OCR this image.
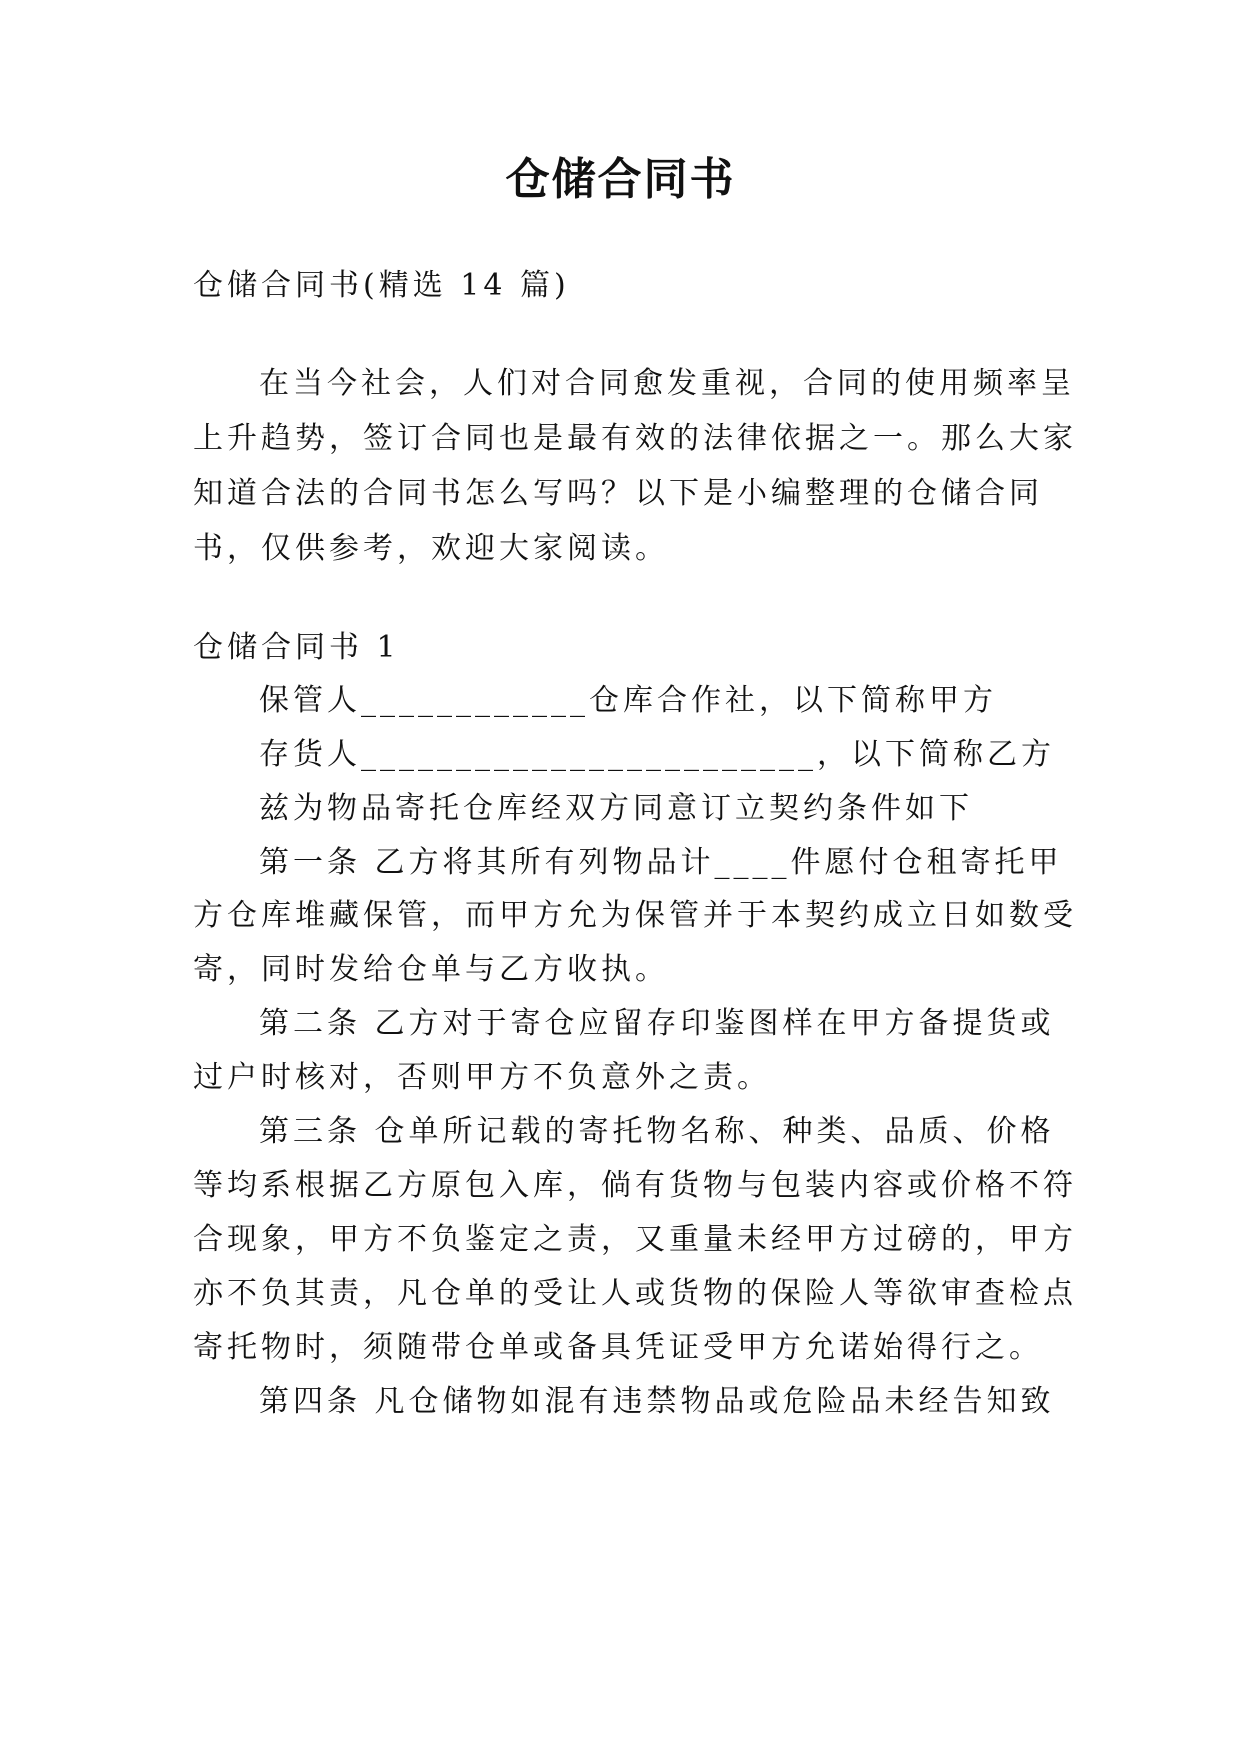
仓储合同书
仓储合同书(精选 14 篇)
在当今社会，人们对合同愈发重视，合同的使用频率呈
上升趋势，签订合同也是最有效的法律依据之一。那么大家
知道合法的合同书怎么写吗？以下是小编整理的仓储合同
书，仅供参考，欢迎大家阅读。
仓储合同书 1
保管人____________仓库合作社，以下简称甲方
存货人________________________，以下简称乙方
兹为物品寄托仓库经双方同意订立契约条件如下
第一条 乙方将其所有列物品计____件愿付仓租寄托甲
方仓库堆藏保管，而甲方允为保管并于本契约成立日如数受
寄，同时发给仓单与乙方收执。
第二条 乙方对于寄仓应留存印鉴图样在甲方备提货或
过户时核对，否则甲方不负意外之责。
第三条 仓单所记载的寄托物名称、种类、品质、价格
等均系根据乙方原包入库，倘有货物与包装内容或价格不符
合现象，甲方不负鉴定之责，又重量未经甲方过磅的，甲方
亦不负其责，凡仓单的受让人或货物的保险人等欲审查检点
寄托物时，须随带仓单或备具凭证受甲方允诺始得行之。
第四条 凡仓储物如混有违禁物品或危险品未经告知致
